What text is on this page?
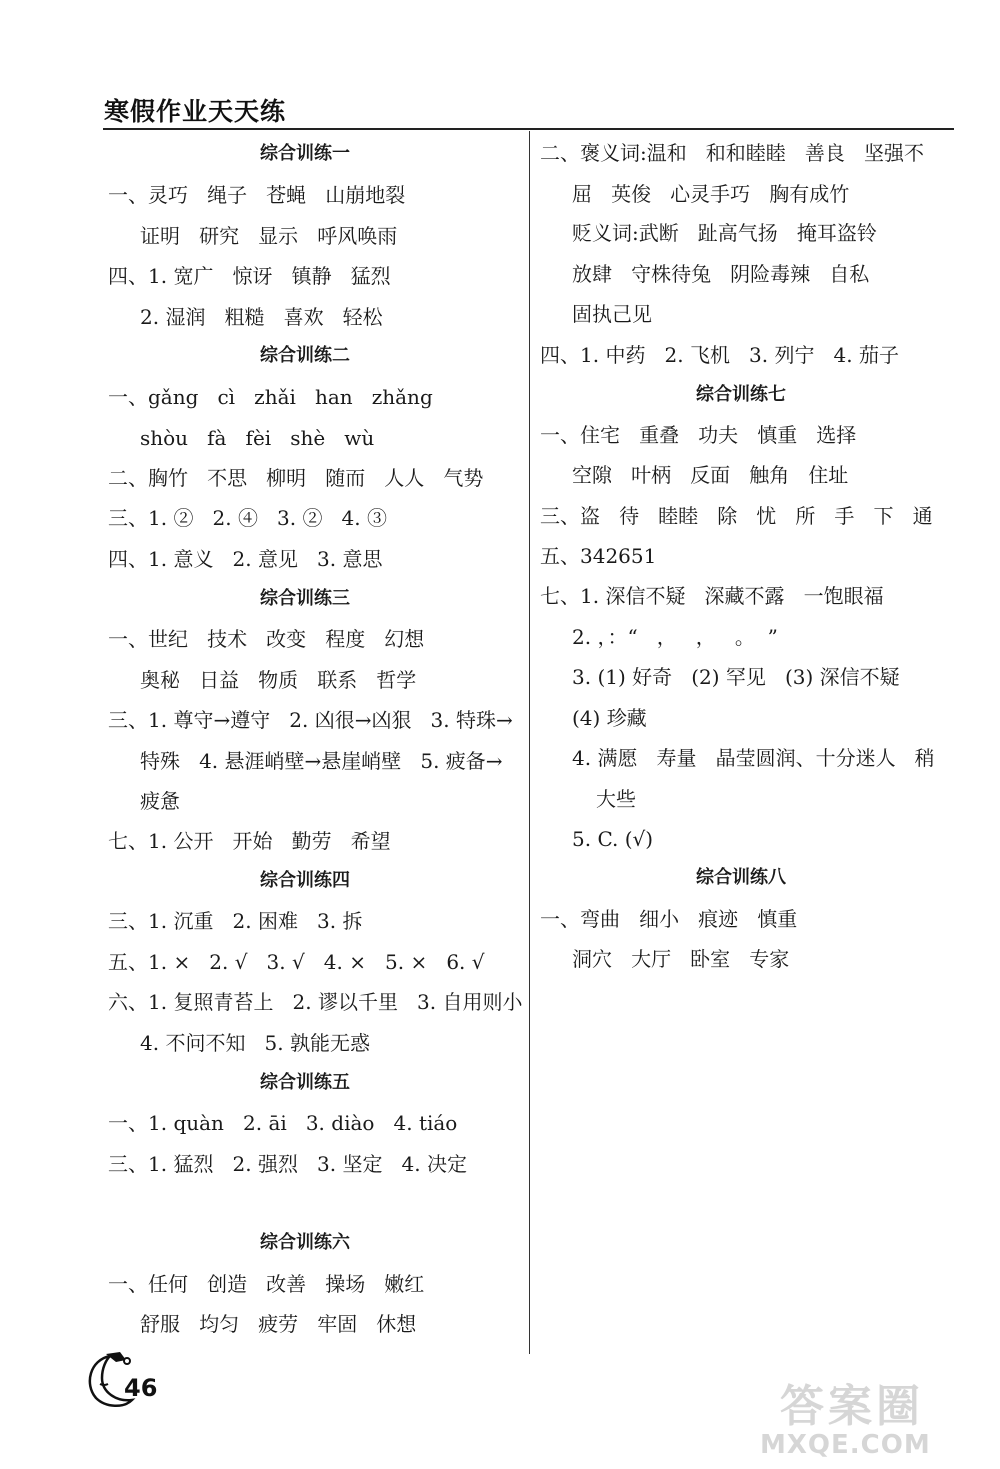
寒假作业天天练
综合训练一
一、灵巧   绳子   苍蝇   山崩地裂
证明   研究   显示   呼风唤雨
四、1. 宽广   惊讶   镇静   猛烈
2. 湿润   粗糙   喜欢   轻松
综合训练二
一、gǎng   cì   zhǎi   han   zhǎng
shòu   fà   fèi   shè   wù
二、胸竹   不思   柳明   随而   人人   气势
三、1. ②   2. ④   3. ②   4. ③
四、1. 意义   2. 意见   3. 意思
综合训练三
一、世纪   技术   改变   程度   幻想
奥秘   日益   物质   联系   哲学
三、1. 尊守→遵守   2. 凶很→凶狠   3. 特珠→
特殊   4. 悬涯峭壁→悬崖峭壁   5. 疲备→
疲惫
七、1. 公开   开始   勤劳   希望
综合训练四
三、1. 沉重   2. 困难   3. 拆
五、1. ×   2. √   3. √   4. ×   5. ×   6. √
六、1. 复照青苔上   2. 谬以千里   3. 自用则小
4. 不问不知   5. 孰能无惑
综合训练五
一、1. quàn   2. āi   3. diào   4. tiáo
三、1. 猛烈   2. 强烈   3. 坚定   4. 决定
综合训练六
一、任何   创造   改善   操场   嫩红
舒服   均匀   疲劳   牢固   休想
二、褒义词:温和   和和睦睦   善良   坚强不
屈   英俊   心灵手巧   胸有成竹
贬义词:武断   趾高气扬   掩耳盗铃
放肆   守株待兔   阴险毒辣   自私
固执己见
四、1. 中药   2. 飞机   3. 列宁   4. 茄子
综合训练七
一、住宅   重叠   功夫   慎重   选择
空隙   叶柄   反面   触角   住址
三、盗   待   睦睦   除   忧   所   手   下   通
五、342651
七、1. 深信不疑   深藏不露   一饱眼福
2. ，：“   ，   ，   。  ”
3. (1) 好奇   (2) 罕见   (3) 深信不疑
(4) 珍藏
4. 满愿   寿量   晶莹圆润、十分迷人   稍
大些
5. C. (√)
综合训练八
一、弯曲   细小   痕迹   慎重
洞穴   大厅   卧室   专家
46	答案圈
MXQE.COM
